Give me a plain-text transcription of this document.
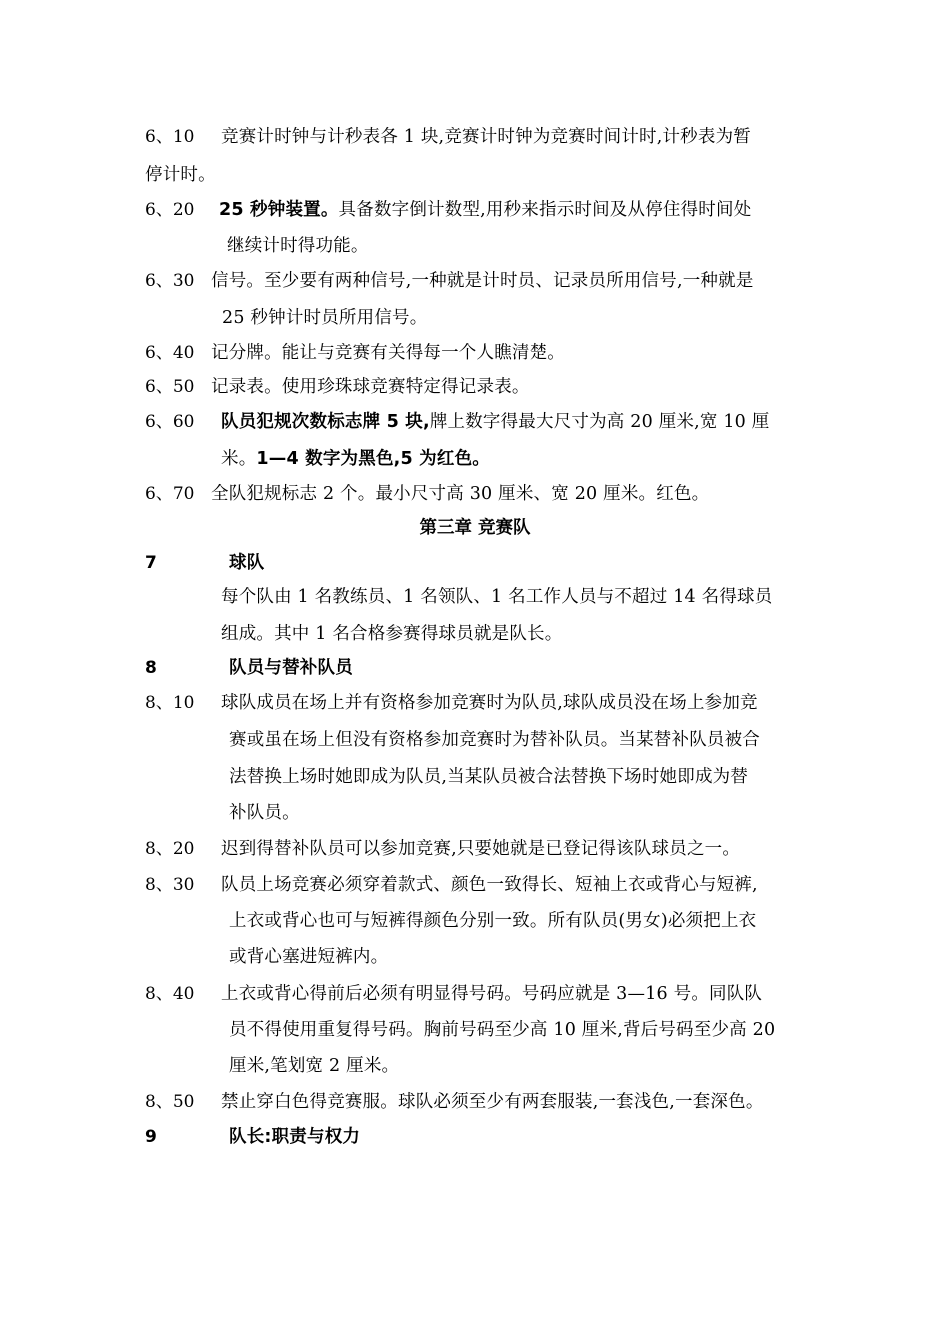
6、10 竞赛计时钟与计秒表各 1 块,竞赛计时钟为竞赛时间计时,计秒表为暂
停计时。
6、20 25 秒钟装置。具备数字倒计数型,用秒来指示时间及从停住得时间处
继续计时得功能。
6、30 信号。至少要有两种信号,一种就是计时员、记录员所用信号,一种就是
25 秒钟计时员所用信号。
6、40 记分牌。能让与竞赛有关得每一个人瞧清楚。
6、50 记录表。使用珍珠球竞赛特定得记录表。
6、60 队员犯规次数标志牌 5 块,牌上数字得最大尺寸为高 20 厘米,宽 10 厘
米。1—4 数字为黑色,5 为红色。
6、70 全队犯规标志 2 个。最小尺寸高 30 厘米、宽 20 厘米。红色。
第三章 竞赛队
7	球队
每个队由 1 名教练员、1 名领队、1 名工作人员与不超过 14 名得球员
组成。其中 1 名合格参赛得球员就是队长。
8	队员与替补队员
8、10 球队成员在场上并有资格参加竞赛时为队员,球队成员没在场上参加竞
赛或虽在场上但没有资格参加竞赛时为替补队员。当某替补队员被合
法替换上场时她即成为队员,当某队员被合法替换下场时她即成为替
补队员。
8、20 迟到得替补队员可以参加竞赛,只要她就是已登记得该队球员之一。
8、30 队员上场竞赛必须穿着款式、颜色一致得长、短袖上衣或背心与短裤,
上衣或背心也可与短裤得颜色分别一致。所有队员(男女)必须把上衣
或背心塞进短裤内。
8、40 上衣或背心得前后必须有明显得号码。号码应就是 3—16 号。同队队
员不得使用重复得号码。胸前号码至少高 10 厘米,背后号码至少高 20
厘米,笔划宽 2 厘米。
8、50 禁止穿白色得竞赛服。球队必须至少有两套服装,一套浅色,一套深色。
9	队长:职责与权力
